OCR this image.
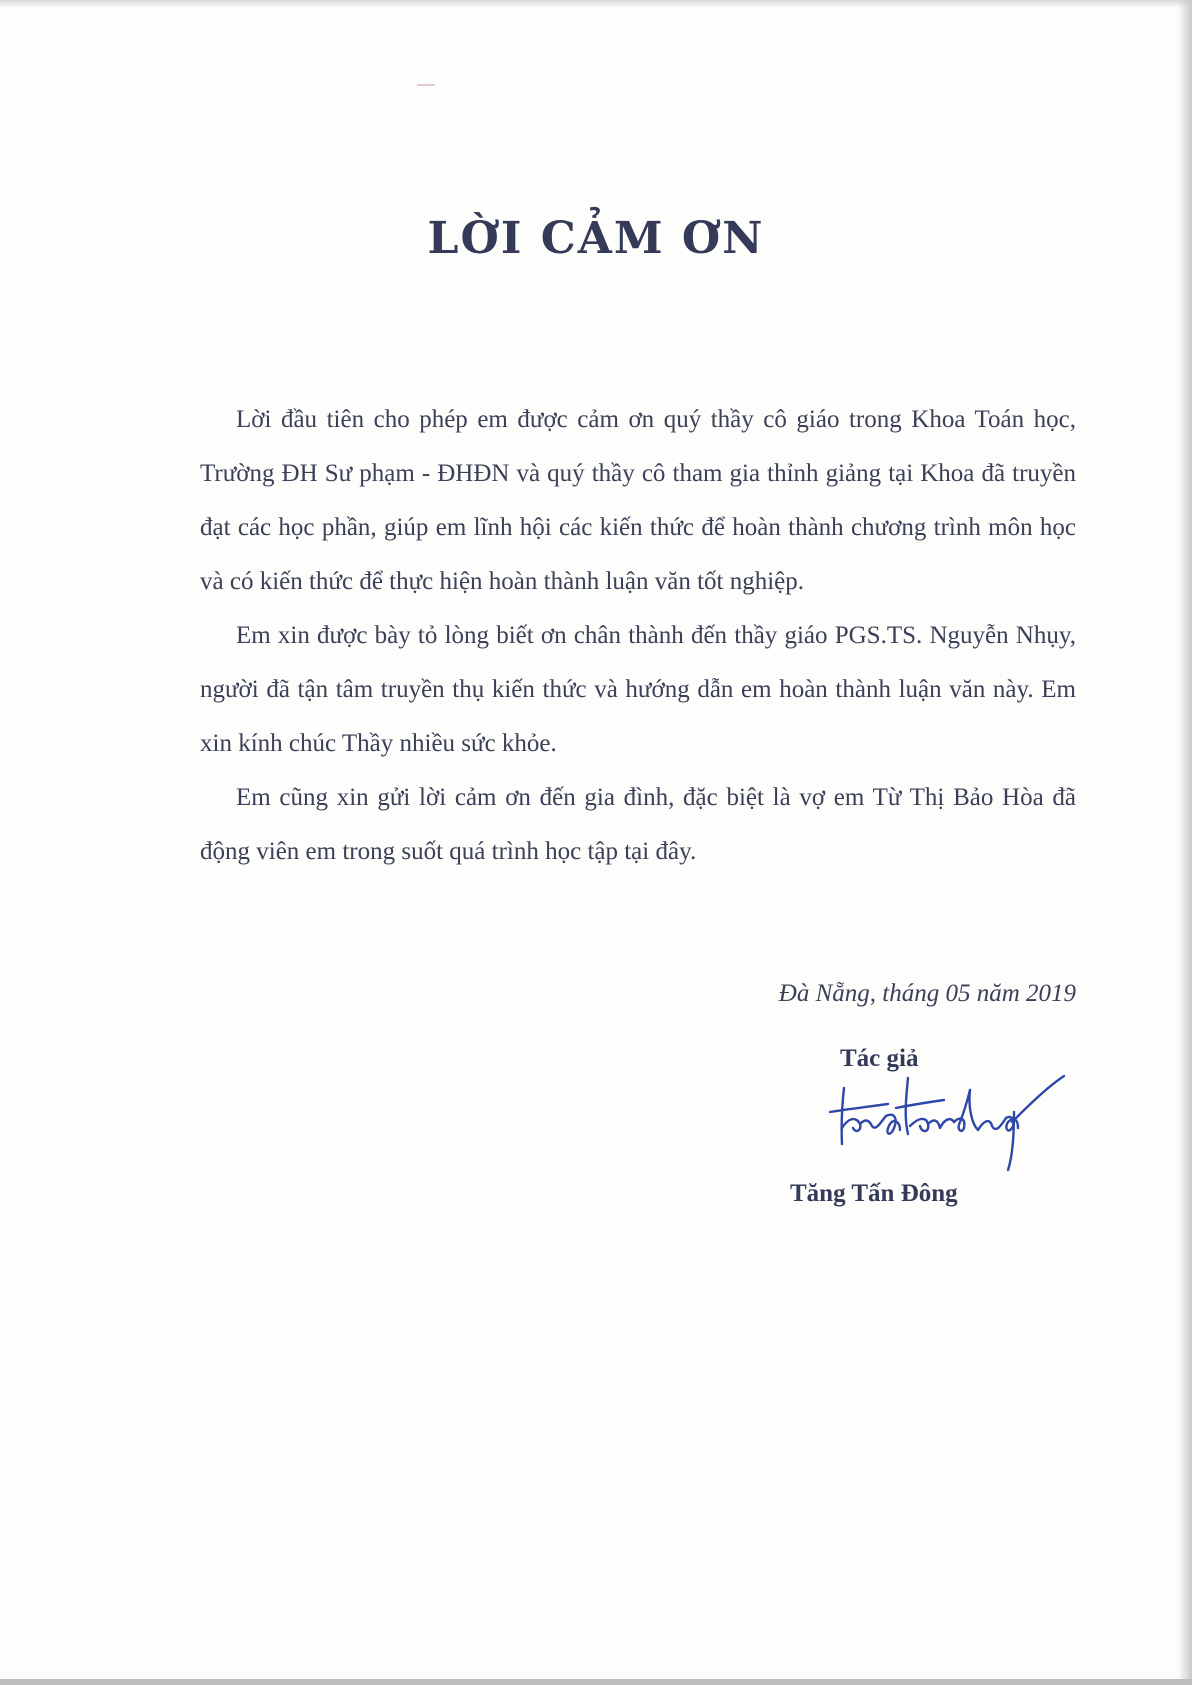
LỜI CẢM ƠN

Lời đầu tiên cho phép em được cảm ơn quý thầy cô giáo trong Khoa Toán học, Trường ĐH Sư phạm - ĐHĐN và quý thầy cô tham gia thỉnh giảng tại Khoa đã truyền đạt các học phần, giúp em lĩnh hội các kiến thức để hoàn thành chương trình môn học và có kiến thức để thực hiện hoàn thành luận văn tốt nghiệp.

Em xin được bày tỏ lòng biết ơn chân thành đến thầy giáo PGS.TS. Nguyễn Nhụy, người đã tận tâm truyền thụ kiến thức và hướng dẫn em hoàn thành luận văn này. Em xin kính chúc Thầy nhiều sức khỏe.

Em cũng xin gửi lời cảm ơn đến gia đình, đặc biệt là vợ em Từ Thị Bảo Hòa đã động viên em trong suốt quá trình học tập tại đây.

Đà Nẵng, tháng 05 năm 2019

Tác giả

Tăng Tấn Đông
